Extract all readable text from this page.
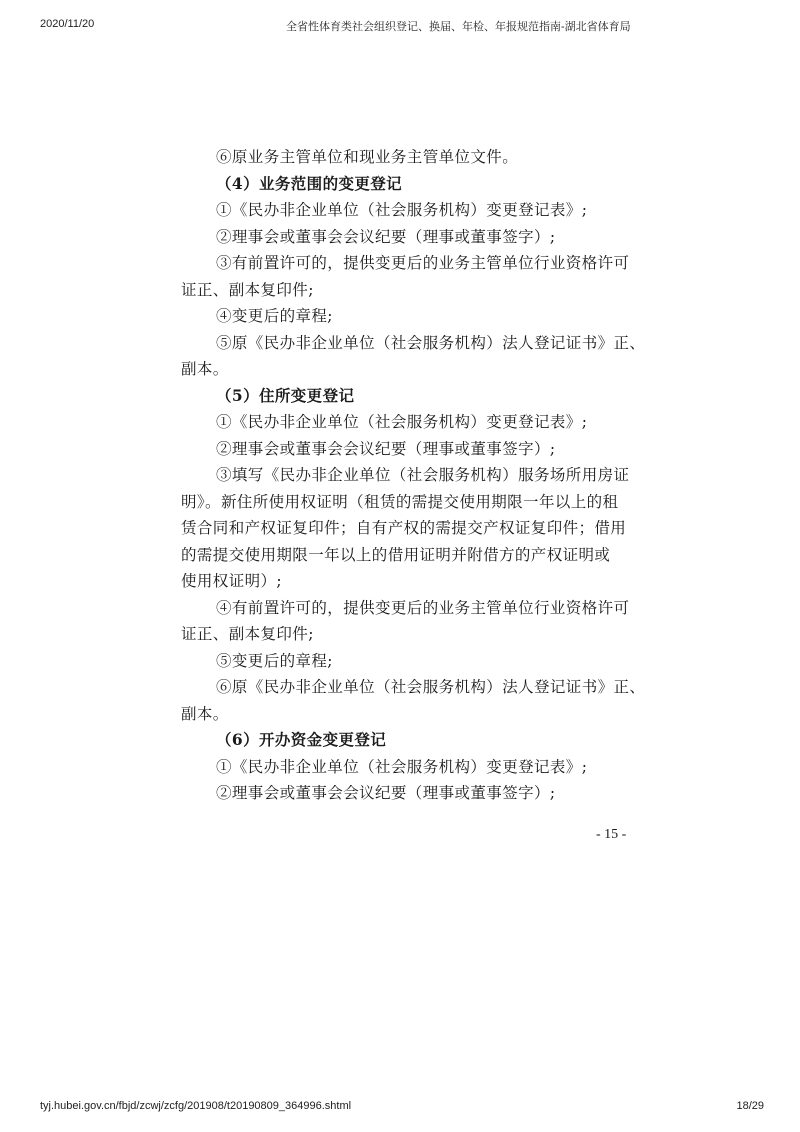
2020/11/20	全省性体育类社会组织登记、换届、年检、年报规范指南-湖北省体育局

⑥原业务主管单位和现业务主管单位文件。

（4）业务范围的变更登记

①《民办非企业单位（社会服务机构）变更登记表》;

②理事会或董事会会议纪要（理事或董事签字）;

③有前置许可的，提供变更后的业务主管单位行业资格许可

证正、副本复印件;

④变更后的章程;

⑤原《民办非企业单位（社会服务机构）法人登记证书》正、

副本。

（5）住所变更登记

①《民办非企业单位（社会服务机构）变更登记表》;

②理事会或董事会会议纪要（理事或董事签字）;

③填写《民办非企业单位（社会服务机构）服务场所用房证

明》。新住所使用权证明（租赁的需提交使用期限一年以上的租

赁合同和产权证复印件；自有产权的需提交产权证复印件；借用

的需提交使用期限一年以上的借用证明并附借方的产权证明或

使用权证明）;

④有前置许可的，提供变更后的业务主管单位行业资格许可

证正、副本复印件;

⑤变更后的章程;

⑥原《民办非企业单位（社会服务机构）法人登记证书》正、

副本。

（6）开办资金变更登记

①《民办非企业单位（社会服务机构）变更登记表》;

②理事会或董事会会议纪要（理事或董事签字）;

- 15 -
tyj.hubei.gov.cn/fbjd/zcwj/zcfg/201908/t20190809_364996.shtml	18/29
